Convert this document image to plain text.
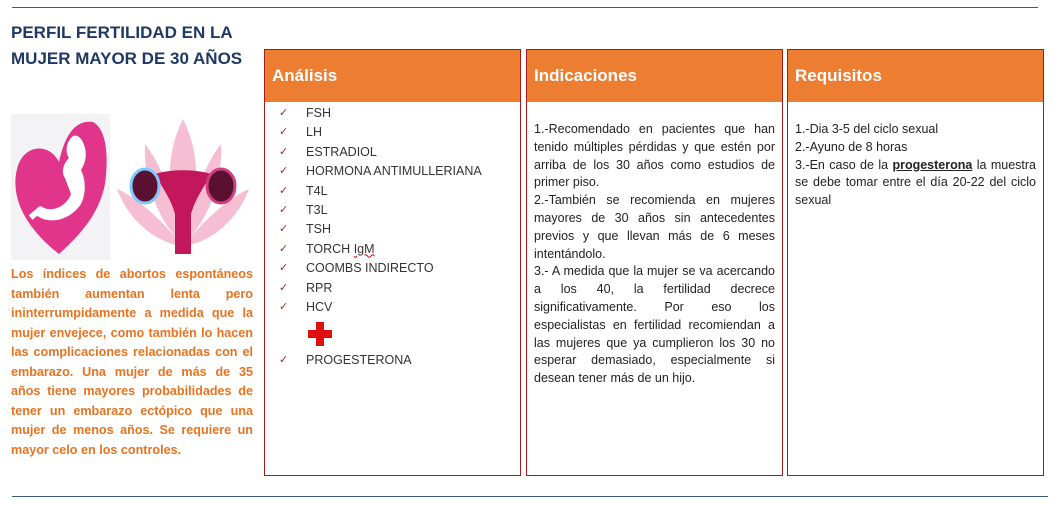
PERFIL FERTILIDAD EN LA MUJER MAYOR DE 30 AÑOS
Los índices de abortos espontáneos también aumentan lenta pero ininterrumpidamente a medida que la mujer envejece, como también lo hacen las complicaciones relacionadas con el embarazo. Una mujer de más de 35 años tiene mayores probabilidades de tener un embarazo ectópico que una mujer de menos años. Se requiere un mayor celo en los controles.
Análisis
✓	FSH
✓	LH
✓	ESTRADIOL
✓	HORMONA ANTIMULLERIANA
✓	T4L
✓	T3L
✓	TSH
✓	TORCH IgM
✓	COOMBS INDIRECTO
✓	RPR
✓	HCV
✓	PROGESTERONA
Indicaciones

1.-Recomendado en pacientes que han tenido múltiples pérdidas y que estén por arriba de los 30 años como estudios de primer piso.

2.-También se recomienda en mujeres mayores de 30 años sin antecedentes previos y que llevan más de 6 meses intentándolo.

3.- A medida que la mujer se va acercando a los 40, la fertilidad decrece significativamente. Por eso los especialistas en fertilidad recomiendan a las mujeres que ya cumplieron los 30 no esperar demasiado, especialmente si desean tener más de un hijo.

Requisitos

1.-Dia 3-5 del ciclo sexual

2.-Ayuno de 8 horas

3.-En caso de la progesterona la muestra se debe tomar entre el día 20-22 del ciclo sexual
